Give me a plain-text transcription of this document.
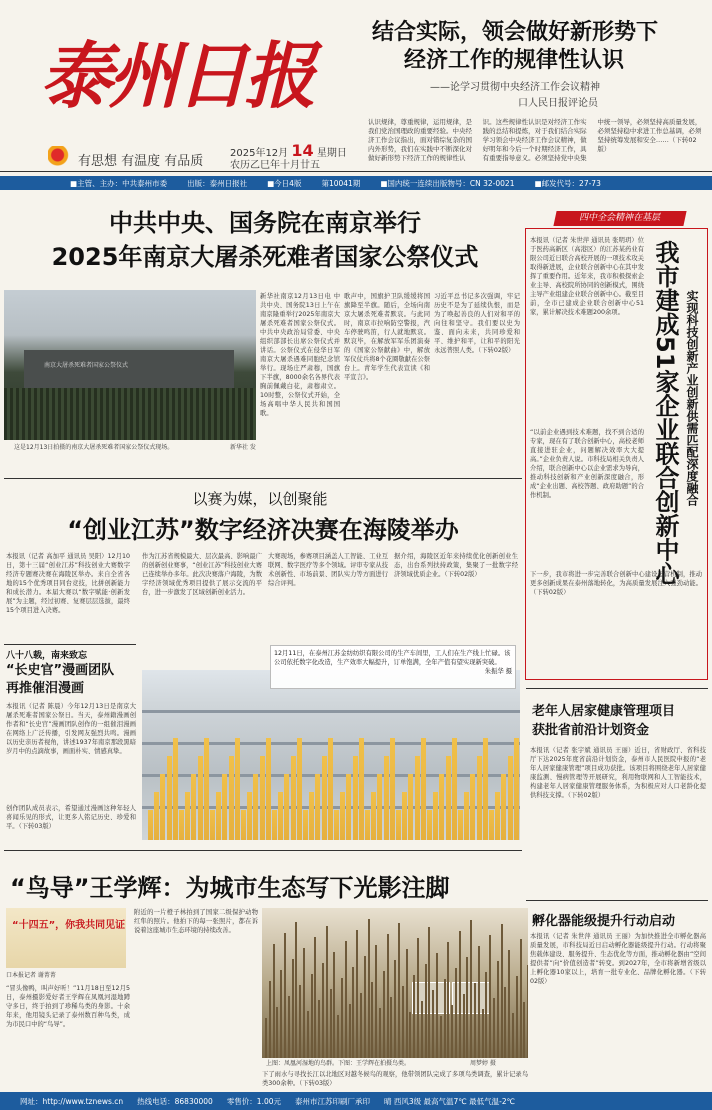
泰州日报
有思想 有温度 有品质
2025年12月 14 星期日
农历乙巳年十月廿五
结合实际，领会做好新形势下
经济工作的规律性认识
——论学习贯彻中央经济工作会议精神
口人民日报评论员
认识规律，尊重规律，运用规律，是我们党治国理政的重要经验。中央经济工作会议指出，面对错综复杂的国内外形势，我们在实践中不断深化对做好新形势下经济工作的规律性认识。这些规律性认识是对经济工作实践的总结和提炼，对于我们结合实际学习领会中央经济工作会议精神，做好明年和今后一个时期经济工作，具有重要指导意义。必须坚持党中央集中统一领导，必须坚持高质量发展，必须坚持稳中求进工作总基调，必须坚持统筹发展和安全……（下转02版）
■主管、主办：中共泰州市委	出版：泰州日报社	■今日4版	第10041期	■国内统一连续出版物号：CN 32-0021	■邮发代号：27-73
中共中央、国务院在南京举行
2025年南京大屠杀死难者国家公祭仪式
南京大屠杀死难者国家公祭仪式
这是12月13日拍摄的南京大屠杀死难者国家公祭仪式现场。	新华社 发
新华社南京12月13日电 中共中央、国务院13日上午在南京隆重举行2025年南京大屠杀死难者国家公祭仪式。中共中央政治局常委、中央组织部部长出席公祭仪式并讲话。公祭仪式在侵华日军南京大屠杀遇难同胞纪念馆举行。现场庄严肃穆，国旗下半旗，8000余名各界代表胸前佩戴白花，肃穆肃立。10时整，公祭仪式开始，全场高唱中华人民共和国国歌。
歌声中，国旗护卫队缓缓将国旗降至半旗。随后，全场向南京大屠杀死难者默哀。与此同时，南京市拉响防空警报，汽车停驶鸣笛，行人就地默哀。默哀毕，在解放军军乐团演奏的《国家公祭献曲》中，解放军仪仗兵将8个花圈敬献在公祭台上。青年学生代表宣读《和平宣言》。
习近平总书记多次强调，牢记历史不是为了延续仇恨，而是为了唤起善良的人们对和平的向往和坚守。我们要以史为鉴、面向未来，共同珍爱和平、维护和平，让和平的阳光永远普照人类。（下转02版）
四中全会精神在基层
我市建成51家企业联合创新中心 实现科技创新产业创新供需匹配深度融合
本报讯（记者 朱世萍 通讯员 张明玥）位于医药高新区（高港区）的江苏某药业有限公司近日联合高校开展的一项技术攻关取得新进展，企业联合创新中心在其中发挥了重要作用。近年来，我市积极探索企业主导、高校院所协同的创新模式，围绕主导产业组建企业联合创新中心。截至目前，全市已建成企业联合创新中心51家，累计解决技术难题200余项。
“以前企业遇到技术难题，找不到合适的专家，现在有了联合创新中心，高校老师直接进驻企业，问题解决效率大大提高。”企业负责人说。市科技局相关负责人介绍，联合创新中心以企业需求为导向，推动科技创新和产业创新深度融合，形成“企业出题、高校答题、政府助题”的合作机制。
下一步，我市将进一步完善联合创新中心建设运营机制，推动更多创新成果在泰州落地转化，为高质量发展注入强劲动能。（下转02版）
以赛为媒，以创聚能
“创业江苏”数字经济决赛在海陵举办
本报讯（记者 高加平 通讯员 吴阳）12月10日，第十三届“创业江苏”科技创业大赛数字经济专题赛决赛在海陵区举办。来自全省各地的15个优秀项目同台竞技，比拼创新能力和成长潜力。本届大赛以“数字赋能·创新发展”为主题，经过初赛、复赛层层选拔，最终15个项目进入决赛。
作为江苏省规模最大、层次最高、影响最广的创新创业赛事，“创业江苏”科技创业大赛已连续举办多年。此次决赛落户海陵，为数字经济领域优秀项目提供了展示交流的平台，进一步激发了区域创新创业活力。
大赛现场，参赛项目涵盖人工智能、工业互联网、数字医疗等多个领域。评审专家从技术创新性、市场前景、团队实力等方面进行综合评判。
据介绍，海陵区近年来持续优化创新创业生态，出台系列扶持政策，集聚了一批数字经济领域优质企业。（下转02版）
八十八载，南来致忘
“长史官”漫画团队
再推催泪漫画
本报讯（记者 陈晨）今年12月13日是南京大屠杀死难者国家公祭日。当天，泰州籍漫画创作者和“长史官”漫画团队创作的一组催泪漫画在网络上广泛传播，引发网友强烈共鸣。漫画以历史亲历者视角，讲述1937年南京那段黑暗岁月中的点滴故事，画面朴实、情感真挚。
创作团队成员表示，希望通过漫画这种年轻人喜闻乐见的形式，让更多人铭记历史、珍爱和平。（下转03版）
12月11日，在泰州江苏金纺纺织有限公司的生产车间里，工人们在生产线上忙碌。该公司依托数字化改造，生产效率大幅提升，订单饱满，全年产值有望实现新突破。
朱振华 摄
老年人居家健康管理项目
获批省前沿计划资金
本报讯（记者 张宇斌 通讯员 王丽）近日，省财政厅、省科技厅下达2025年度省前沿计划资金，泰州市人民医院申报的“老年人居家健康管理”项目成功获批。该项目将围绕老年人居家健康监测、慢病管理等开展研究，利用物联网和人工智能技术，构建老年人居家健康管理服务体系，为积极应对人口老龄化提供科技支撑。（下转02版）
孵化器能级提升行动启动
本报讯（记者 朱世萍 通讯员 王丽）为加快推进全市孵化器高质量发展，市科技局近日启动孵化器能级提升行动。行动将聚焦载体建设、服务提升、生态优化等方面，推动孵化器由“空间提供者”向“价值创造者”转变。到2027年，全市将新增省级以上孵化器10家以上，培育一批专业化、品牌化孵化器。（下转02版）
“鸟导”王学辉：为城市生态写下光影注脚
“十四五”，你我共同见证
口本报记者 谢菁菁
“冒头像鸭，叫声好听！”11月18日至12月5日，泰州摄影爱好者王学辉在凤凰河湿地蹲守多日，终于拍到了珍稀鸟类的身影。十余年来，他用镜头记录了泰州数百种鸟类，成为市民口中的“鸟导”。
附近的一片橙子林拍到了国家二级保护动物红隼的照片。他拍下的每一张照片，都在诉说着这座城市生态环境的持续改善。
上图：凤凰河湿地的鸟群。下图：王学辉在拍摄鸟类。	周梦婷 摄
下了雨水与寻找长江以北地区对越冬候鸟的观察，他带领团队完成了多项鸟类调查，累计记录鸟类300余种。（下转03版）
网址：http://www.tznews.cn 热线电话：86830000 零售价：1.00元 泰州市江苏印刷厂承印 晴 西风3级 最高气温7℃ 最低气温-2℃
